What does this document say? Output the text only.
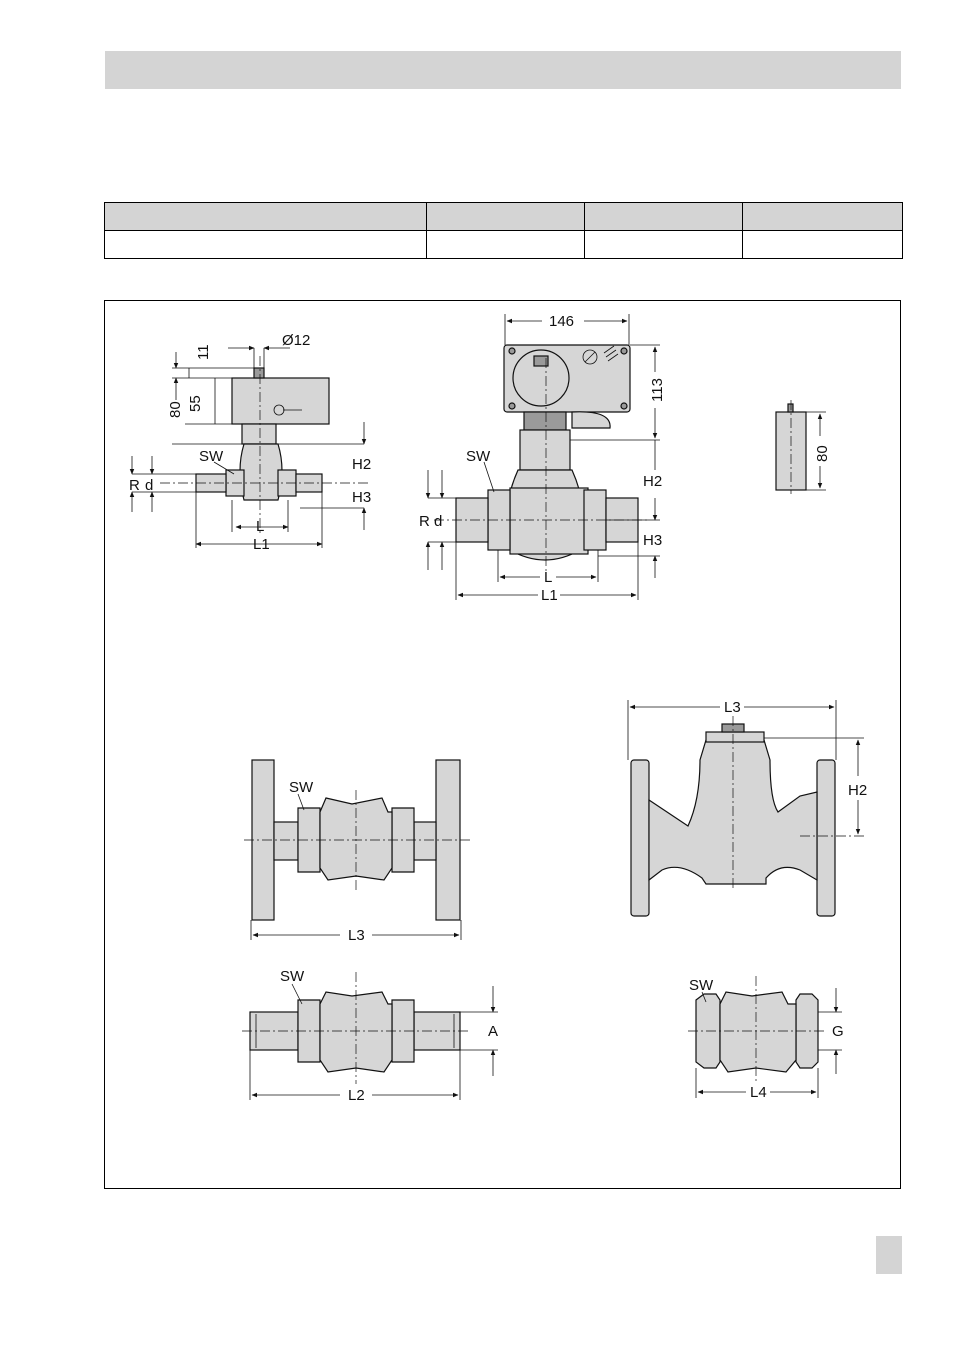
Ø12
11
80 55
SW	H2
H3
R d
L
L1
146
113
SW
H2
H3
R d
L
L1
80
SW
L3
L3
H2
SW
A
L2
SW
G
L4
